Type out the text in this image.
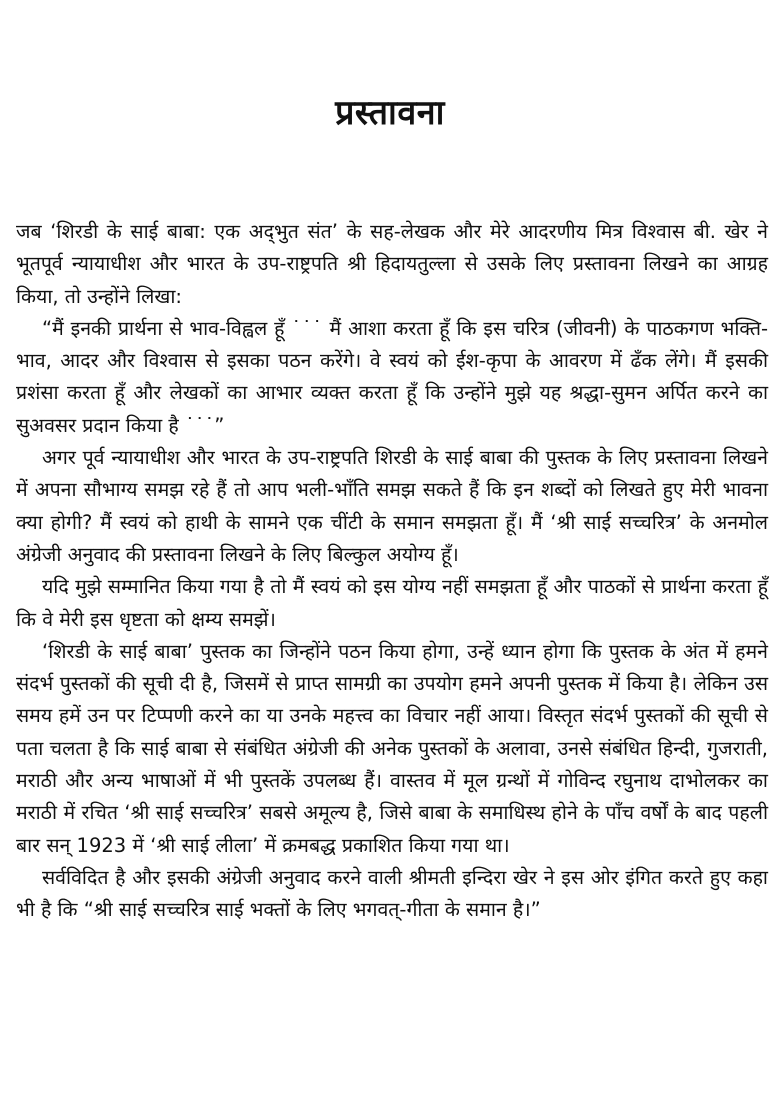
प्रस्तावना

जब ‘शिरडी के साई बाबा: एक अद्‌भुत संत’ के सह-लेखक और मेरे आदरणीय मित्र विश्वास बी. खेर ने भूतपूर्व न्यायाधीश और भारत के उप-राष्ट्रपति श्री हिदायतुल्ला से उसके लिए प्रस्तावना लिखने का आग्रह किया, तो उन्होंने लिखा:

“मैं इनकी प्रार्थना से भाव-विह्वल हूँ ˙˙˙ मैं आशा करता हूँ कि इस चरित्र (जीवनी) के पाठकगण भक्ति-भाव, आदर और विश्वास से इसका पठन करेंगे। वे स्वयं को ईश-कृपा के आवरण में ढँक लेंगे। मैं इसकी प्रशंसा करता हूँ और लेखकों का आभार व्यक्त करता हूँ कि उन्होंने मुझे यह श्रद्धा-सुमन अर्पित करने का सुअवसर प्रदान किया है ˙˙˙”

अगर पूर्व न्यायाधीश और भारत के उप-राष्ट्रपति शिरडी के साई बाबा की पुस्तक के लिए प्रस्तावना लिखने में अपना सौभाग्य समझ रहे हैं तो आप भली-भाँति समझ सकते हैं कि इन शब्दों को लिखते हुए मेरी भावना क्या होगी? मैं स्वयं को हाथी के सामने एक चींटी के समान समझता हूँ। मैं ‘श्री साई सच्चरित्र’ के अनमोल अंग्रेजी अनुवाद की प्रस्तावना लिखने के लिए बिल्कुल अयोग्य हूँ।

यदि मुझे सम्मानित किया गया है तो मैं स्वयं को इस योग्य नहीं समझता हूँ और पाठकों से प्रार्थना करता हूँ कि वे मेरी इस धृष्टता को क्षम्य समझें।

‘शिरडी के साई बाबा’ पुस्तक का जिन्होंने पठन किया होगा, उन्हें ध्यान होगा कि पुस्तक के अंत में हमने संदर्भ पुस्तकों की सूची दी है, जिसमें से प्राप्त सामग्री का उपयोग हमने अपनी पुस्तक में किया है। लेकिन उस समय हमें उन पर टिप्पणी करने का या उनके महत्त्व का विचार नहीं आया। विस्तृत संदर्भ पुस्तकों की सूची से पता चलता है कि साई बाबा से संबंधित अंग्रेजी की अनेक पुस्तकों के अलावा, उनसे संबंधित हिन्दी, गुजराती, मराठी और अन्य भाषाओं में भी पुस्तकें उपलब्ध हैं। वास्तव में मूल ग्रन्थों में गोविन्द रघुनाथ दाभोलकर का मराठी में रचित ‘श्री साई सच्चरित्र’ सबसे अमूल्य है, जिसे बाबा के समाधिस्थ होने के पाँच वर्षों के बाद पहली बार सन्‌ 1923 में ‘श्री साई लीला’ में क्रमबद्ध प्रकाशित किया गया था।

सर्वविदित है और इसकी अंग्रेजी अनुवाद करने वाली श्रीमती इन्दिरा खेर ने इस ओर इंगित करते हुए कहा भी है कि “श्री साई सच्चरित्र साई भक्तों के लिए भगवत्‌-गीता के समान है।”
